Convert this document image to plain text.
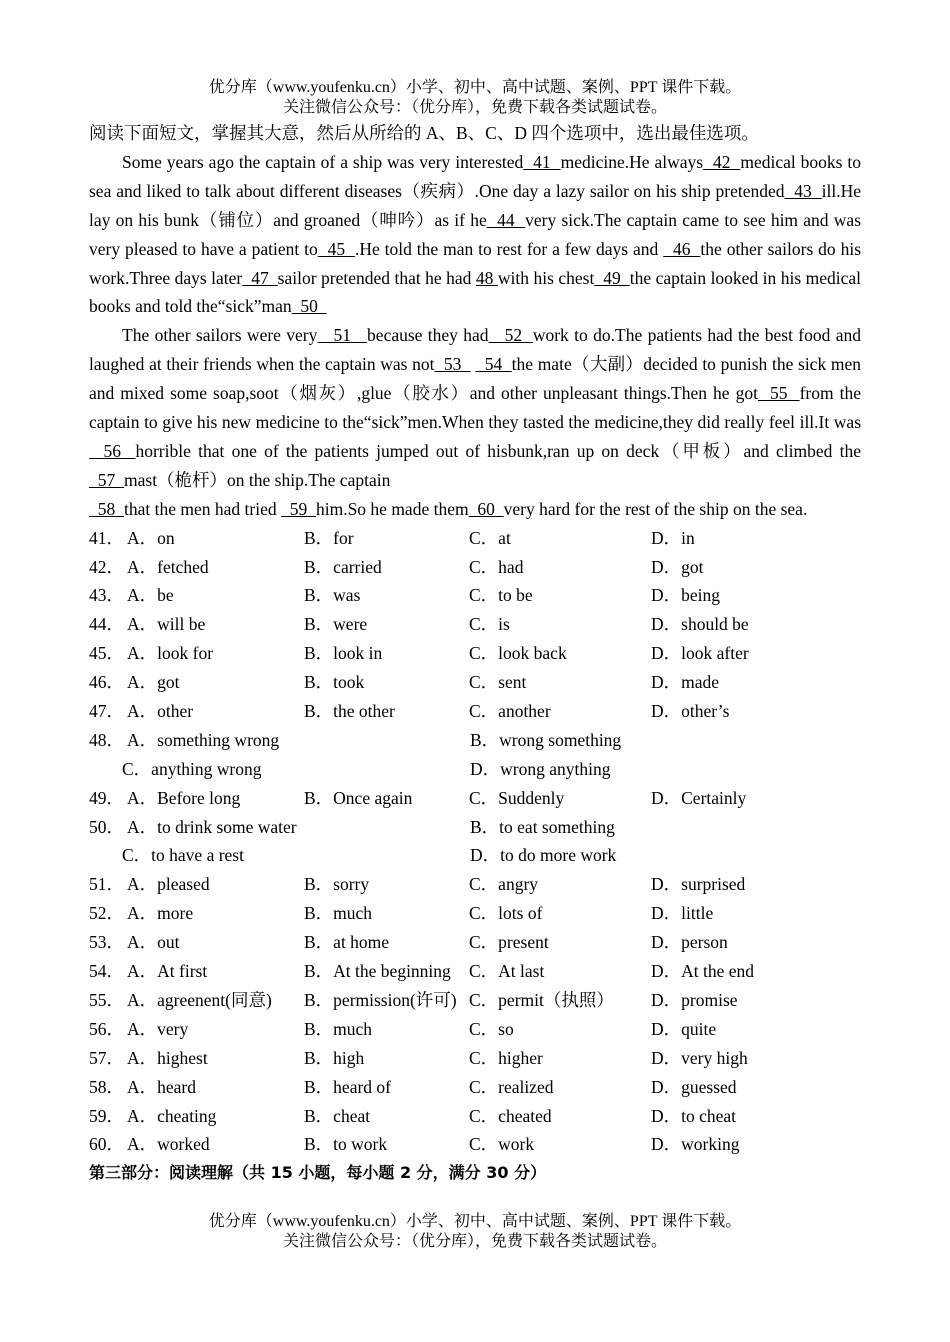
优分库（www.youfenku.cn）小学、初中、高中试题、案例、PPT 课件下载。
关注微信公众号：（优分库），免费下载各类试题试卷。
阅读下面短文，掌握其大意，然后从所给的 A、B、C、D 四个选项中，选出最佳选项。

Some years ago the captain of a ship was very interested  41  medicine.He always  42  medical books to sea and liked to talk about different diseases（疾病）.One day a lazy sailor on his ship pretended  43  ill.He lay on his bunk（铺位）and groaned（呻吟）as if he  44  very sick.The captain came to see him and was very pleased to have a patient to  45  .He told the man to rest for a few days and   46  the other sailors do his work.Three days later  47  sailor pretended that he had 48 with his chest  49  the captain looked in his medical books and told the“sick”man  50

The other sailors were very   51   because they had   52  work to do.The patients had the best food and laughed at their friends when the captain was not  53     54  the mate（大副）decided to punish the sick men and mixed some soap,soot（烟灰）,glue（胶水）and other unpleasant things.Then he got  55  from the captain to give his new medicine to the“sick”men.When they tasted the medicine,they did really feel ill.It was  56  horrible that one of the patients jumped out of hisbunk,ran up on deck（甲板）and climbed the   57  mast（桅杆）on the ship.The captain
58  that the men had tried   59  him.So he made them  60  very hard for the rest of the ship on the sea.

41． A．on	B．for	C．at	D．in
42． A．fetched	B．carried	C．had	D．got
43． A．be	B．was	C．to be	D．being
44． A．will be	B．were	C．is	D．should be
45． A．look for	B．look in	C．look back	D．look after
46． A．got	B．took	C．sent	D．made
47． A．other	B．the other	C．another	D．other’s
48． A．something wrong	B．wrong something
C．anything wrong	D．wrong anything
49． A．Before long	B．Once again	C．Suddenly	D．Certainly
50． A．to drink some water	B．to eat something
C．to have a rest	D．to do more work
51． A．pleased	B．sorry	C．angry	D．surprised
52． A．more	B．much	C．lots of	D．little
53． A．out	B．at home	C．present	D．person
54． A．At first	B．At the beginning	C．At last	D．At the end
55． A．agreenent(同意)	B．permission(许可) C．permit（执照）	D．promise
56． A．very	B．much	C．so	D．quite
57． A．highest	B．high	C．higher	D．very high
58． A．heard	B．heard of	C．realized	D．guessed
59． A．cheating	B．cheat	C．cheated	D．to cheat
60． A．worked	B．to work	C．work	D．working
第三部分：阅读理解（共 15 小题，每小题 2 分，满分 30 分）
优分库（www.youfenku.cn）小学、初中、高中试题、案例、PPT 课件下载。
关注微信公众号：（优分库），免费下载各类试题试卷。
